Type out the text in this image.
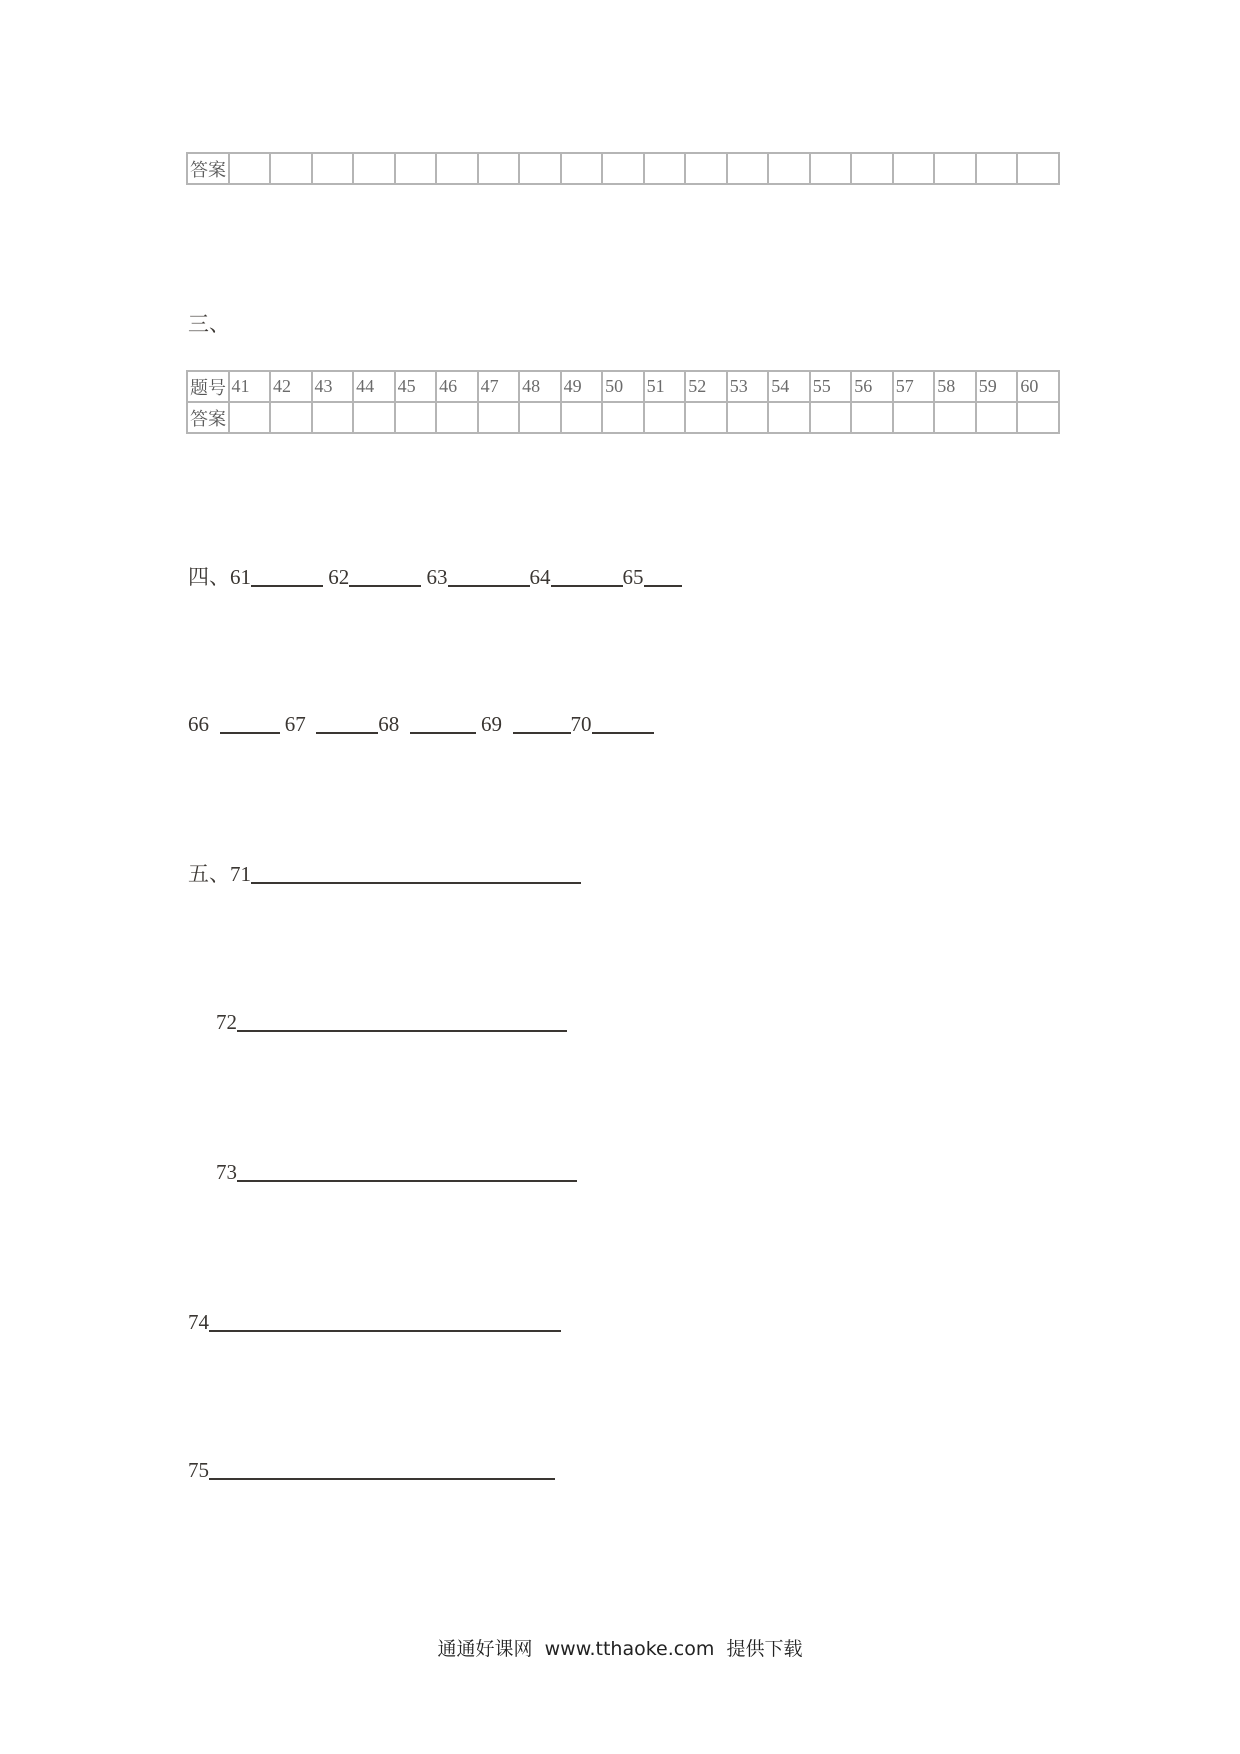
答案																				
三、
题号	41	42	43	44	45	46	47	48	49	50	51	52	53	54	55	56	57	58	59	60
答案																				
四、61	62	63	64	65
66	67	68	69	70
五、71
72
73
74
75
通通好课网  www.tthaoke.com  提供下载
